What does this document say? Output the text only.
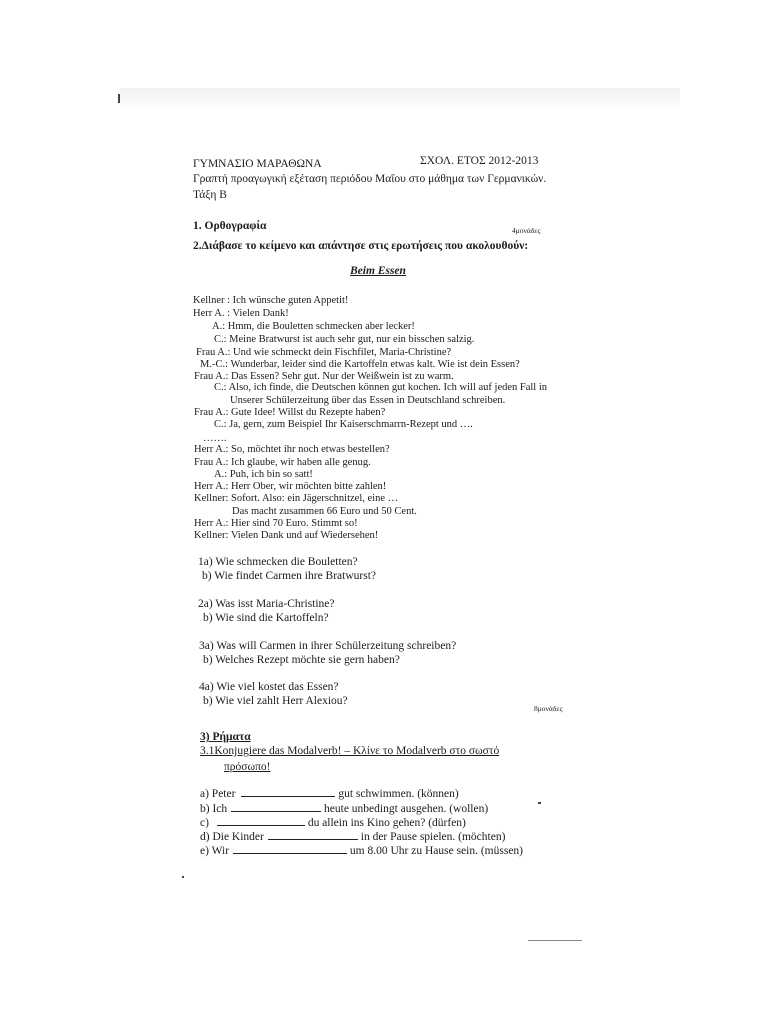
ΓΥΜΝΑΣΙΟ ΜΑΡΑΘΩΝΑ	ΣΧΟΛ. ΕΤΟΣ 2012-2013
Γραπτή προαγωγική εξέταση περιόδου Μαΐου στο μάθημα των Γερμανικών.
Τάξη Β
1. Ορθογραφία	4μονάδες
2.Διάβασε το κείμενο και απάντησε στις ερωτήσεις που ακολουθούν:
Beim Essen
Kellner : Ich wünsche guten Appetit!
Herr A. : Vielen Dank!
A.: Hmm, die Bouletten schmecken aber lecker!
C.: Meine Bratwurst ist auch sehr gut, nur ein bisschen salzig.
Frau A.: Und wie schmeckt dein Fischfilet, Maria-Christine?
M.-C.: Wunderbar, leider sind die Kartoffeln etwas kalt. Wie ist dein Essen?
Frau A.: Das Essen? Sehr gut. Nur der Weißwein ist zu warm.
C.: Also, ich finde, die Deutschen können gut kochen. Ich will auf jeden Fall in
Unserer Schülerzeitung über das Essen in Deutschland schreiben.
Frau A.: Gute Idee! Willst du Rezepte haben?
C.: Ja, gern, zum Beispiel Ihr Kaiserschmarrn-Rezept und ….
…….
Herr A.: So, möchtet ihr noch etwas bestellen?
Frau A.: Ich glaube, wir haben alle genug.
A.: Puh, ich bin so satt!
Herr A.: Herr Ober, wir möchten bitte zahlen!
Kellner: Sofort. Also: ein Jägerschnitzel, eine …
Das macht zusammen 66 Euro und 50 Cent.
Herr A.: Hier sind 70 Euro. Stimmt so!
Kellner: Vielen Dank und auf Wiedersehen!
1a) Wie schmecken die Bouletten?
b) Wie findet Carmen ihre Bratwurst?
2a) Was isst Maria-Christine?
b) Wie sind die Kartoffeln?
3a) Was will Carmen in ihrer Schülerzeitung schreiben?
b) Welches Rezept möchte sie gern haben?
4a) Wie viel kostet das Essen?
b) Wie viel zahlt Herr Alexiou?
8μονάδες
3) Ρήματα
3.1Konjugiere das Modalverb! – Κλίνε το Modalverb στο σωστό
πρόσωπο!
a) Peter	gut schwimmen. (können)
b) Ich	heute unbedingt ausgehen. (wollen)
c)	du allein ins Kino gehen? (dürfen)
d) Die Kinder	in der Pause spielen. (möchten)
e) Wir	um 8.00 Uhr zu Hause sein. (müssen)
